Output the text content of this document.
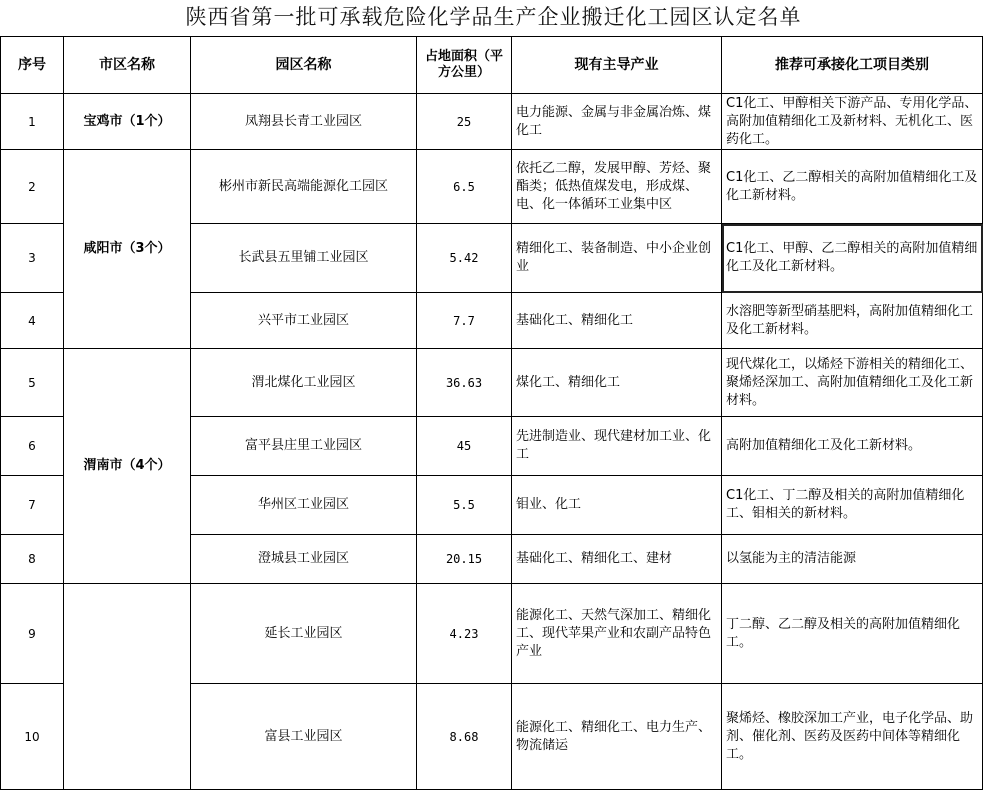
陕西省第一批可承载危险化学品生产企业搬迁化工园区认定名单
序号	市区名称	园区名称	占地面积（平方公里）	现有主导产业	推荐可承接化工项目类别
1	宝鸡市（1个）	凤翔县长青工业园区	25	电力能源、金属与非金属冶炼、煤化工	C1化工、甲醇相关下游产品、专用化学品、高附加值精细化工及新材料、无机化工、医药化工。
2	咸阳市（3个）	彬州市新民高端能源化工园区	6.5	依托乙二醇，发展甲醇、芳烃、聚酯类；低热值煤发电，形成煤、电、化一体循环工业集中区	C1化工、乙二醇相关的高附加值精细化工及化工新材料。
3		长武县五里铺工业园区	5.42	精细化工、装备制造、中小企业创业	C1化工、甲醇、乙二醇相关的高附加值精细化工及化工新材料。
4		兴平市工业园区	7.7	基础化工、精细化工	水溶肥等新型硝基肥料，高附加值精细化工及化工新材料。
5	渭南市（4个）	渭北煤化工业园区	36.63	煤化工、精细化工	现代煤化工，以烯烃下游相关的精细化工、聚烯烃深加工、高附加值精细化工及化工新材料。
6		富平县庄里工业园区	45	先进制造业、现代建材加工业、化工	高附加值精细化工及化工新材料。
7		华州区工业园区	5.5	钼业、化工	C1化工、丁二醇及相关的高附加值精细化工、钼相关的新材料。
8		澄城县工业园区	20.15	基础化工、精细化工、建材	以氢能为主的清洁能源
9		延长工业园区	4.23	能源化工、天然气深加工、精细化工、现代苹果产业和农副产品特色产业	丁二醇、乙二醇及相关的高附加值精细化工。
10		富县工业园区	8.68	能源化工、精细化工、电力生产、物流储运	聚烯烃、橡胶深加工产业，电子化学品、助剂、催化剂、医药及医药中间体等精细化工。
